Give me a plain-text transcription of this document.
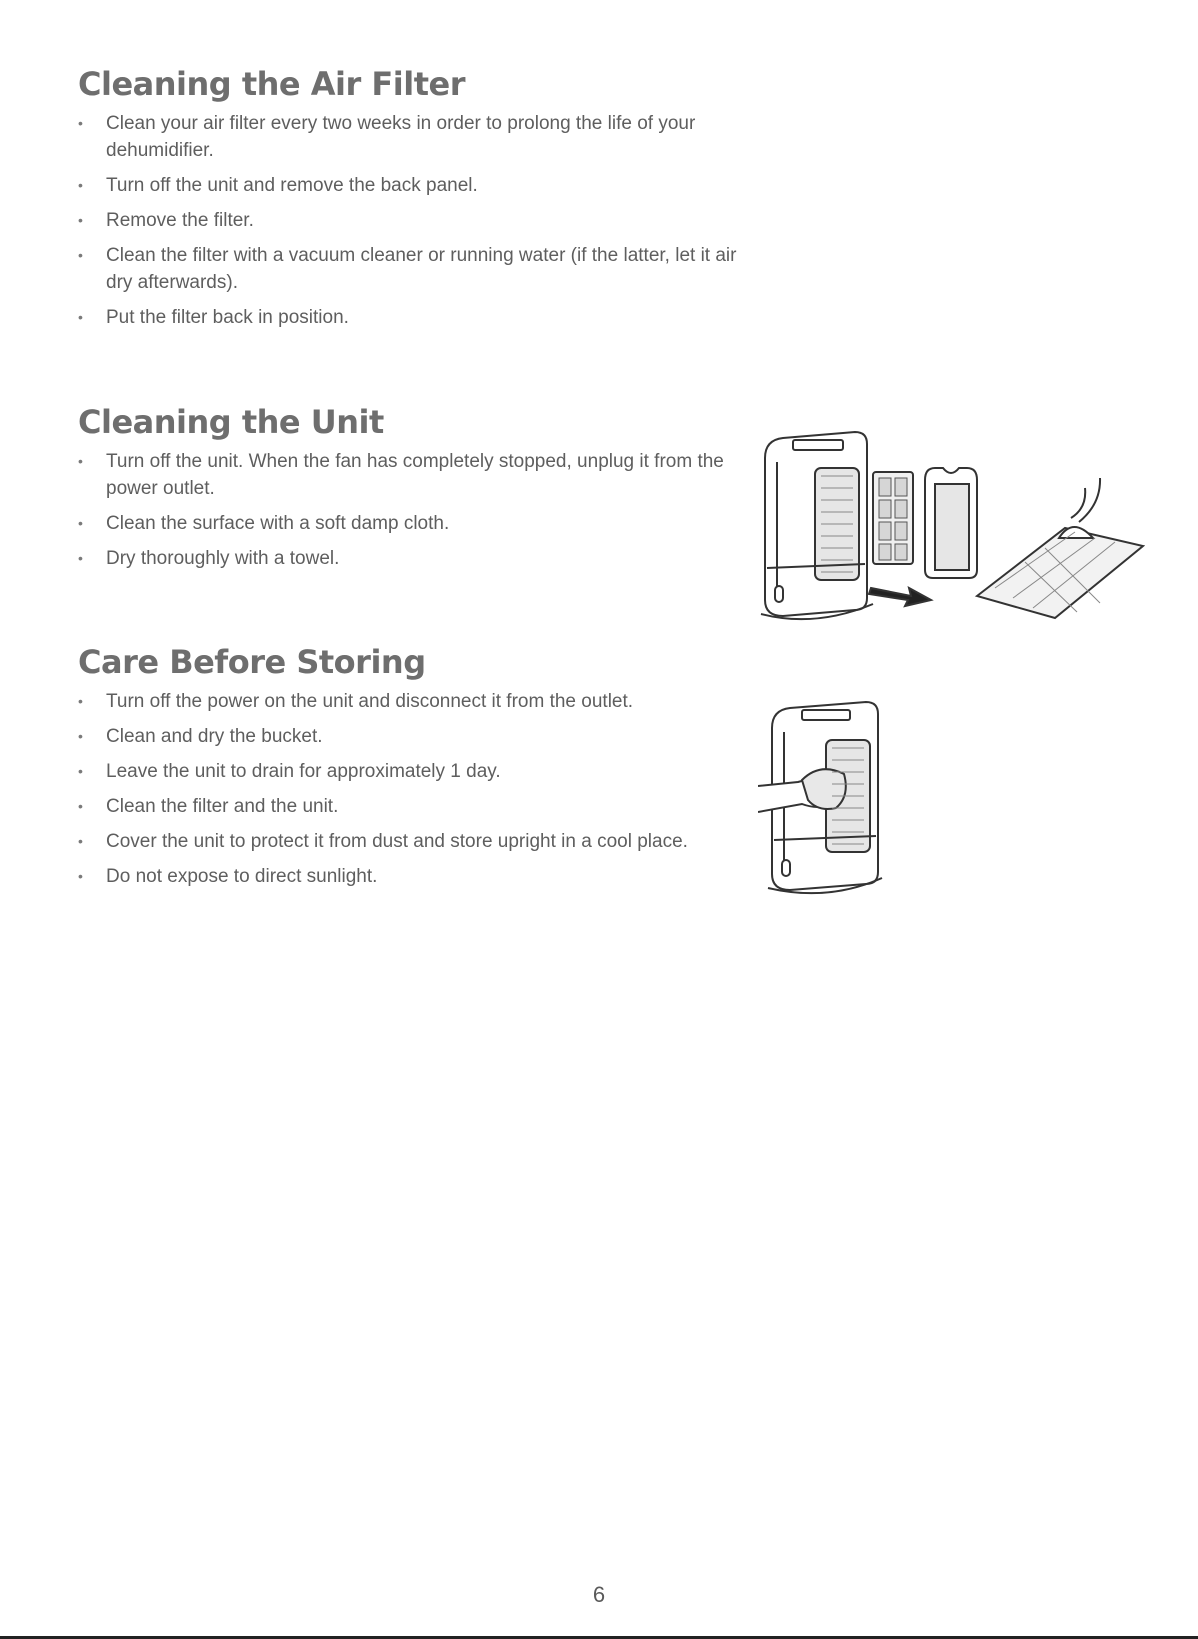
Cleaning the Air Filter
• Clean your air filter every two weeks in order to prolong the life of your dehumidifier.
• Turn off the unit and remove the back panel.
• Remove the filter.
• Clean the filter with a vacuum cleaner or running water (if the latter, let it air dry afterwards).
• Put the filter back in position.
Cleaning the Unit
• Turn off the unit. When the fan has completely stopped, unplug it from the power outlet.
• Clean the surface with a soft damp cloth.
• Dry thoroughly with a towel.
Care Before Storing
• Turn off the power on the unit and disconnect it from the outlet.
• Clean and dry the bucket.
• Leave the unit to drain for approximately 1 day.
• Clean the filter and the unit.
• Cover the unit to protect it from dust and store upright in a cool place.
• Do not expose to direct sunlight.
6
